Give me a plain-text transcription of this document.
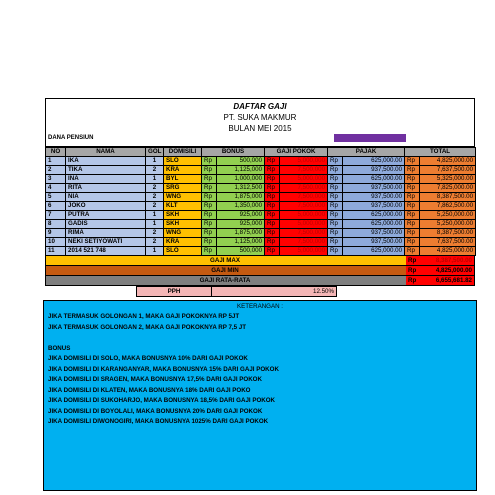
DAFTAR GAJI
PT. SUKA MAKMUR
BULAN MEI 2015
DANA PENSIUN	500.000
NO	NAMA	GOL	DOMISILI	BONUS		GAJI POKOK		PAJAK		TOTAL	
1	IKA	1	SLO	Rp	500,000	Rp	5,000,000	Rp	625,000.00	Rp	4,825,000.00
2	TIKA	2	KRA	Rp	1,125,000	Rp	7,500,000	Rp	937,500.00	Rp	7,637,500.00
3	INA	1	BYL	Rp	1,000,000	Rp	5,000,000	Rp	625,000.00	Rp	5,325,000.00
4	RITA	2	SRG	Rp	1,312,500	Rp	7,500,000	Rp	937,500.00	Rp	7,825,000.00
5	NIA	2	WNG	Rp	1,875,000	Rp	7,500,000	Rp	937,500.00	Rp	8,387,500.00
6	JOKO	2	KLT	Rp	1,350,000	Rp	7,500,000	Rp	937,500.00	Rp	7,862,500.00
7	PUTRA	1	SKH	Rp	925,000	Rp	5,000,000	Rp	625,000.00	Rp	5,250,000.00
8	GADIS	1	SKH	Rp	925,000	Rp	5,000,000	Rp	625,000.00	Rp	5,250,000.00
9	RIMA	2	WNG	Rp	1,875,000	Rp	7,500,000	Rp	937,500.00	Rp	8,387,500.00
10	NEKI SETIYOWATI	2	KRA	Rp	1,125,000	Rp	7,500,000	Rp	937,500.00	Rp	7,637,500.00
11	2014 521 748	1	SLO	Rp	500,000	Rp	5,000,000	Rp	625,000.00	Rp	4,825,000.00
GAJI MAX	Rp	8,387,500.00
GAJI MIN	Rp	4,825,000.00
GAJI RATA-RATA	Rp	6,655,681.82
PPH	12.50%
KETERANGAN :
JIKA TERMASUK GOLONGAN 1, MAKA GAJI POKOKNYA RP 5JT
JIKA TERMASUK GOLONGAN 2, MAKA GAJI POKOKNYA RP 7,5 JT
BONUS
JIKA DOMISILI DI SOLO, MAKA BONUSNYA 10% DARI GAJI POKOK
JIKA DOMISILI DI KARANGANYAR, MAKA BONUSNYA 15% DARI GAJI POKOK
JIKA DOMISILI DI SRAGEN, MAKA BONUSNYA 17,5% DARI GAJI POKOK
JIKA DOMISILI DI KLATEN, MAKA BONUSNYA 18% DARI GAJI POKO
JIKA DOMISILI DI SUKOHARJO, MAKA BONUSNYA 18,5% DARI GAJI POKOK
JIKA DOMISILI DI BOYOLALI, MAKA BONUSNYA 20% DARI GAJI POKOK
JIKA DOMISILI DIWONOGIRI, MAKA BONUSNYA 1025% DARI GAJI POKOK
